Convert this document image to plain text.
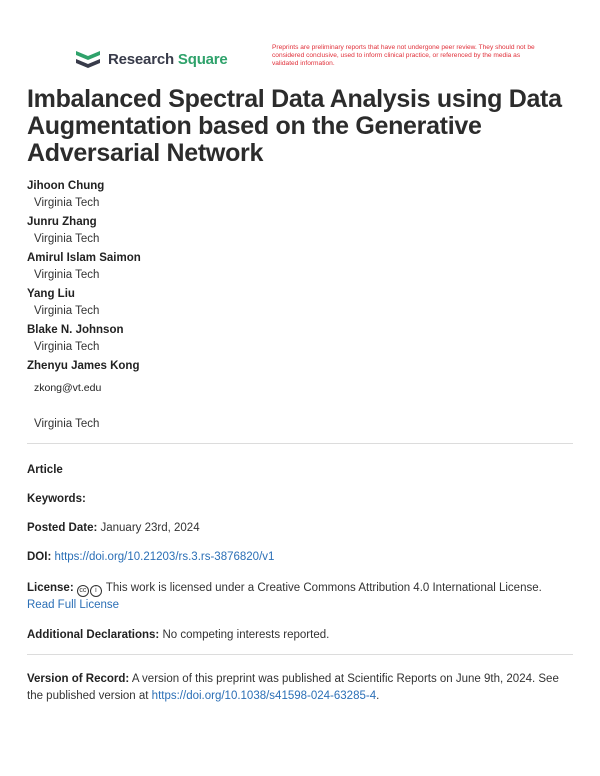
Research Square
Preprints are preliminary reports that have not undergone peer review. They should not be considered conclusive, used to inform clinical practice, or referenced by the media as validated information.
Imbalanced Spectral Data Analysis using Data Augmentation based on the Generative Adversarial Network
Jihoon Chung
Virginia Tech
Junru Zhang
Virginia Tech
Amirul Islam Saimon
Virginia Tech
Yang Liu
Virginia Tech
Blake N. Johnson
Virginia Tech
Zhenyu James Kong
zkong@vt.edu
Virginia Tech
Article
Keywords:
Posted Date: January 23rd, 2024
DOI: https://doi.org/10.21203/rs.3.rs-3876820/v1
License: cc i This work is licensed under a Creative Commons Attribution 4.0 International License.
Read Full License
Additional Declarations: No competing interests reported.
Version of Record: A version of this preprint was published at Scientific Reports on June 9th, 2024. See the published version at https://doi.org/10.1038/s41598-024-63285-4.
